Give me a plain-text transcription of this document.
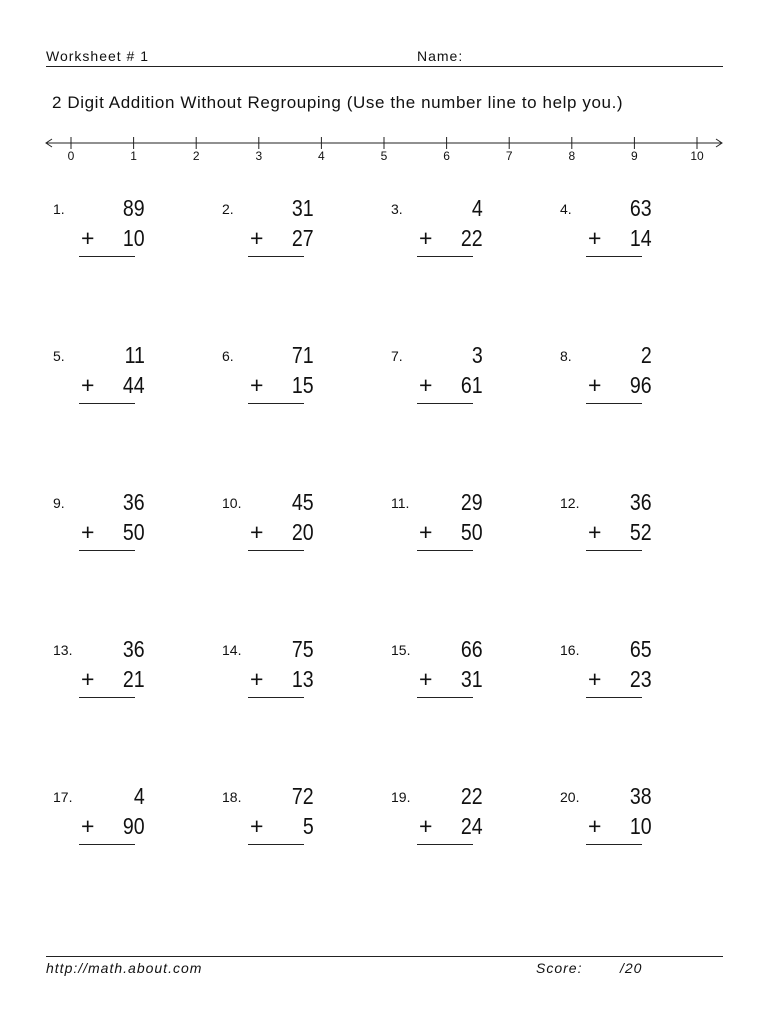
Worksheet # 1	Name:
2 Digit Addition Without Regrouping (Use the number line to help you.)
0	1	2	3	4	5	6	7	8	9	10
1.	89
+ 10
2.	31
+ 27
3.	4
+ 22
4.	63
+ 14
5.	11
+ 44
6.	71
+ 15
7.	3
+ 61
8.	2
+ 96
9.	36
+ 50
10. 45
+ 20
11. 29
+ 50
12. 36
+ 52
13. 36
+ 21
14. 75
+ 13
15. 66
+ 31
16. 65
+ 23
17.	4
+ 90
18. 72
+ 5
19. 22
+ 24
20. 38
+ 10
http://math.about.com	Score:	/20
